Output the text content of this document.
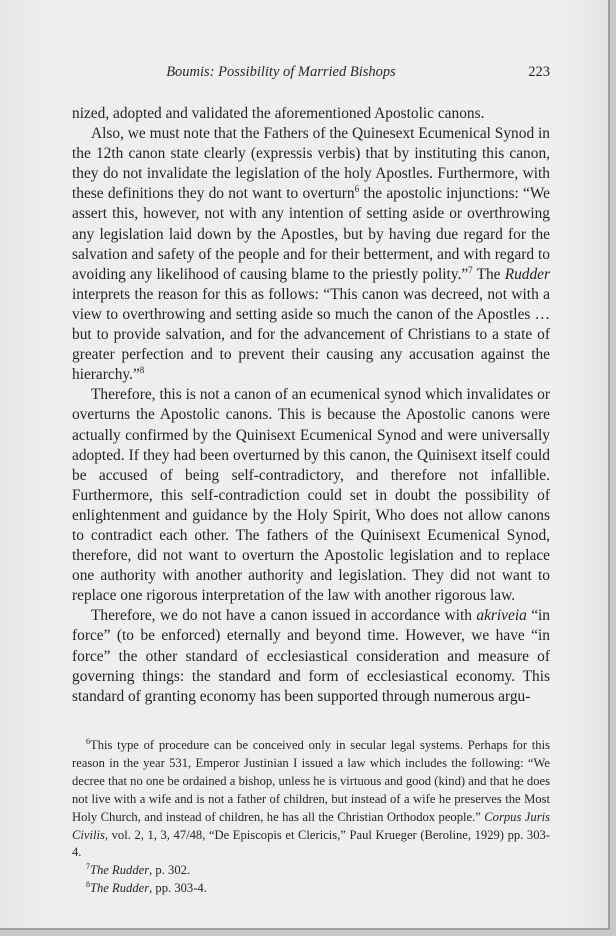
Boumis: Possibility of Married Bishops	223

nized, adopted and validated the aforementioned Apostolic canons.

Also, we must note that the Fathers of the Quinesext Ecumenical Synod in the 12th canon state clearly (expressis verbis) that by instituting this canon, they do not invalidate the legislation of the holy Apostles. Furthermore, with these definitions they do not want to overturn$^6$ the apostolic injunctions: “We assert this, however, not with any intention of setting aside or overthrowing any legislation laid down by the Apostles, but by having due regard for the salvation and safety of the people and for their betterment, and with regard to avoiding any likelihood of causing blame to the priestly polity.”$^7$ The Rudder interprets the reason for this as follows: “This canon was decreed, not with a view to overthrowing and setting aside so much the canon of the Apostles … but to provide salvation, and for the advancement of Christians to a state of greater perfection and to prevent their causing any accusation against the hierarchy.”$^8$

Therefore, this is not a canon of an ecumenical synod which invalidates or overturns the Apostolic canons. This is because the Apostolic canons were actually confirmed by the Quinisext Ecumenical Synod and were universally adopted. If they had been overturned by this canon, the Quinisext itself could be accused of being self-contradictory, and therefore not infallible. Furthermore, this self-contradiction could set in doubt the possibility of enlightenment and guidance by the Holy Spirit, Who does not allow canons to contradict each other. The fathers of the Quinisext Ecumenical Synod, therefore, did not want to overturn the Apostolic legislation and to replace one authority with another authority and legislation. They did not want to replace one rigorous interpretation of the law with another rigorous law.

Therefore, we do not have a canon issued in accordance with akriveia “in force” (to be enforced) eternally and beyond time. However, we have “in force” the other standard of ecclesiastical consideration and measure of governing things: the standard and form of ecclesiastical economy. This standard of granting economy has been supported through numerous argu-

$^6$This type of procedure can be conceived only in secular legal systems. Perhaps for this reason in the year 531, Emperor Justinian I issued a law which includes the following: “We decree that no one be ordained a bishop, unless he is virtuous and good (kind) and that he does not live with a wife and is not a father of children, but instead of a wife he preserves the Most Holy Church, and instead of children, he has all the Christian Orthodox people.” Corpus Juris Civilis, vol. 2, 1, 3, 47/48, “De Episcopis et Clericis,” Paul Krueger (Beroline, 1929) pp. 303-4.

$^7$The Rudder, p. 302.

$^8$The Rudder, pp. 303-4.
